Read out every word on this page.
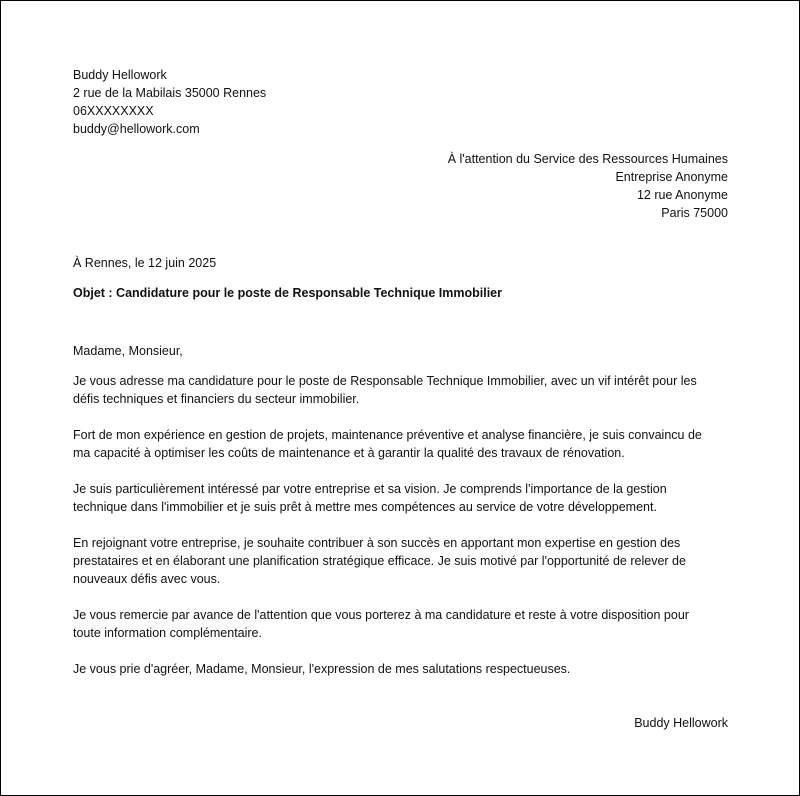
Buddy Hellowork
2 rue de la Mabilais 35000 Rennes
06XXXXXXXX
buddy@hellowork.com
À l'attention du Service des Ressources Humaines
Entreprise Anonyme
12 rue Anonyme
Paris 75000
À Rennes, le 12 juin 2025
Objet : Candidature pour le poste de Responsable Technique Immobilier
Madame, Monsieur,
Je vous adresse ma candidature pour le poste de Responsable Technique Immobilier, avec un vif intérêt pour les
défis techniques et financiers du secteur immobilier.
Fort de mon expérience en gestion de projets, maintenance préventive et analyse financière, je suis convaincu de
ma capacité à optimiser les coûts de maintenance et à garantir la qualité des travaux de rénovation.
Je suis particulièrement intéressé par votre entreprise et sa vision. Je comprends l'importance de la gestion
technique dans l'immobilier et je suis prêt à mettre mes compétences au service de votre développement.
En rejoignant votre entreprise, je souhaite contribuer à son succès en apportant mon expertise en gestion des
prestataires et en élaborant une planification stratégique efficace. Je suis motivé par l'opportunité de relever de
nouveaux défis avec vous.
Je vous remercie par avance de l'attention que vous porterez à ma candidature et reste à votre disposition pour
toute information complémentaire.
Je vous prie d'agréer, Madame, Monsieur, l'expression de mes salutations respectueuses.
Buddy Hellowork
